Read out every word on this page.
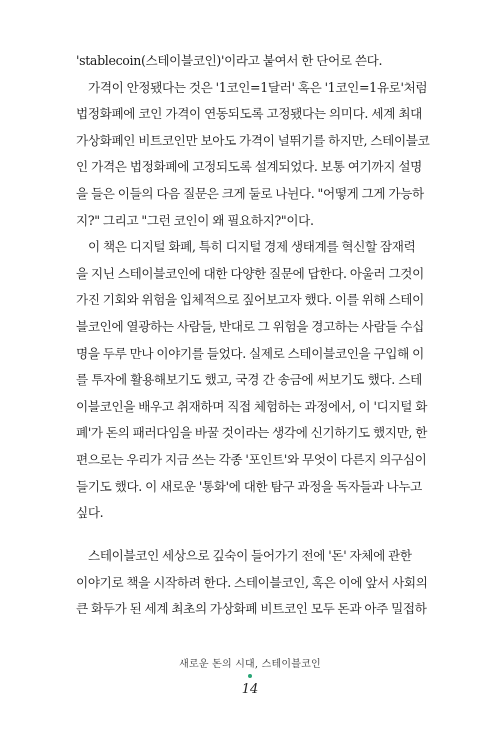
'stablecoin(스테이블코인)'이라고 붙여서 한 단어로 쓴다.
가격이 안정됐다는 것은 '1코인=1달러' 혹은 '1코인=1유로'처럼
법정화폐에 코인 가격이 연동되도록 고정됐다는 의미다. 세계 최대
가상화폐인 비트코인만 보아도 가격이 널뛰기를 하지만, 스테이블코
인 가격은 법정화폐에 고정되도록 설계되었다. 보통 여기까지 설명
을 들은 이들의 다음 질문은 크게 둘로 나뉜다. "어떻게 그게 가능하
지?" 그리고 "그런 코인이 왜 필요하지?"이다.
이 책은 디지털 화폐, 특히 디지털 경제 생태계를 혁신할 잠재력
을 지닌 스테이블코인에 대한 다양한 질문에 답한다. 아울러 그것이
가진 기회와 위험을 입체적으로 짚어보고자 했다. 이를 위해 스테이
블코인에 열광하는 사람들, 반대로 그 위험을 경고하는 사람들 수십
명을 두루 만나 이야기를 들었다. 실제로 스테이블코인을 구입해 이
를 투자에 활용해보기도 했고, 국경 간 송금에 써보기도 했다. 스테
이블코인을 배우고 취재하며 직접 체험하는 과정에서, 이 '디지털 화
폐'가 돈의 패러다임을 바꿀 것이라는 생각에 신기하기도 했지만, 한
편으로는 우리가 지금 쓰는 각종 '포인트'와 무엇이 다른지 의구심이
들기도 했다. 이 새로운 '통화'에 대한 탐구 과정을 독자들과 나누고
싶다.
스테이블코인 세상으로 깊숙이 들어가기 전에 '돈' 자체에 관한
이야기로 책을 시작하려 한다. 스테이블코인, 혹은 이에 앞서 사회의
큰 화두가 된 세계 최초의 가상화폐 비트코인 모두 돈과 아주 밀접하
새로운 돈의 시대, 스테이블코인
14
